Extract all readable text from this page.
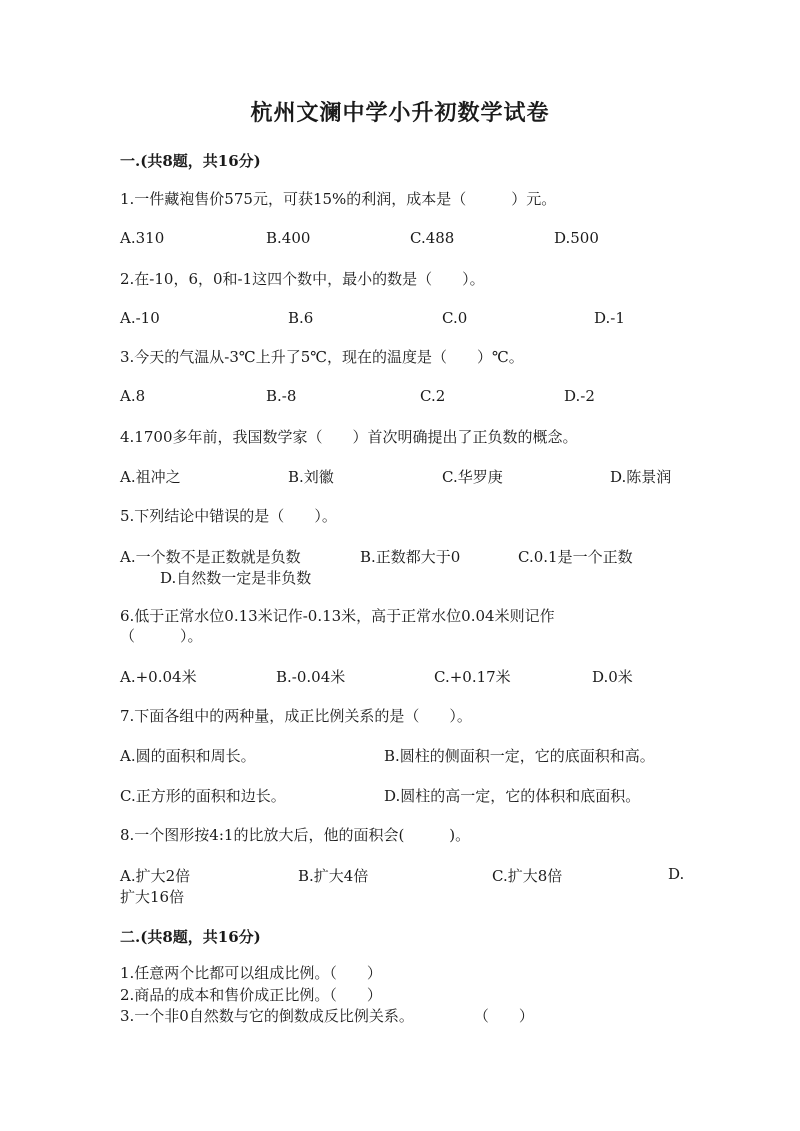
杭州文澜中学小升初数学试卷
一.(共8题，共16分)
1.一件藏袍售价575元，可获15%的利润，成本是（　　　）元。
A.310	B.400	C.488	D.500
2.在-10，6，0和-1这四个数中，最小的数是（　　）。
A.-10	B.6	C.0	D.-1
3.今天的气温从-3℃上升了5℃，现在的温度是（　　）℃。
A.8	B.-8	C.2	D.-2
4.1700多年前，我国数学家（　　）首次明确提出了正负数的概念。
A.祖冲之	B.刘徽	C.华罗庚	D.陈景润
5.下列结论中错误的是（　　）。
A.一个数不是正数就是负数	B.正数都大于0	C.0.1是一个正数
D.自然数一定是非负数
6.低于正常水位0.13米记作-0.13米，高于正常水位0.04米则记作
（　　　）。
A.+0.04米	B.-0.04米	C.+0.17米	D.0米
7.下面各组中的两种量，成正比例关系的是（　　）。
A.圆的面积和周长。	B.圆柱的侧面积一定，它的底面积和高。
C.正方形的面积和边长。	D.圆柱的高一定，它的体积和底面积。
8.一个图形按4:1的比放大后，他的面积会(　　　)。
A.扩大2倍	B.扩大4倍	C.扩大8倍	D.
扩大16倍
二.(共8题，共16分)
1.任意两个比都可以组成比例。（　　）
2.商品的成本和售价成正比例。（　　）
3.一个非0自然数与它的倒数成反比例关系。　　　　　（　　）
